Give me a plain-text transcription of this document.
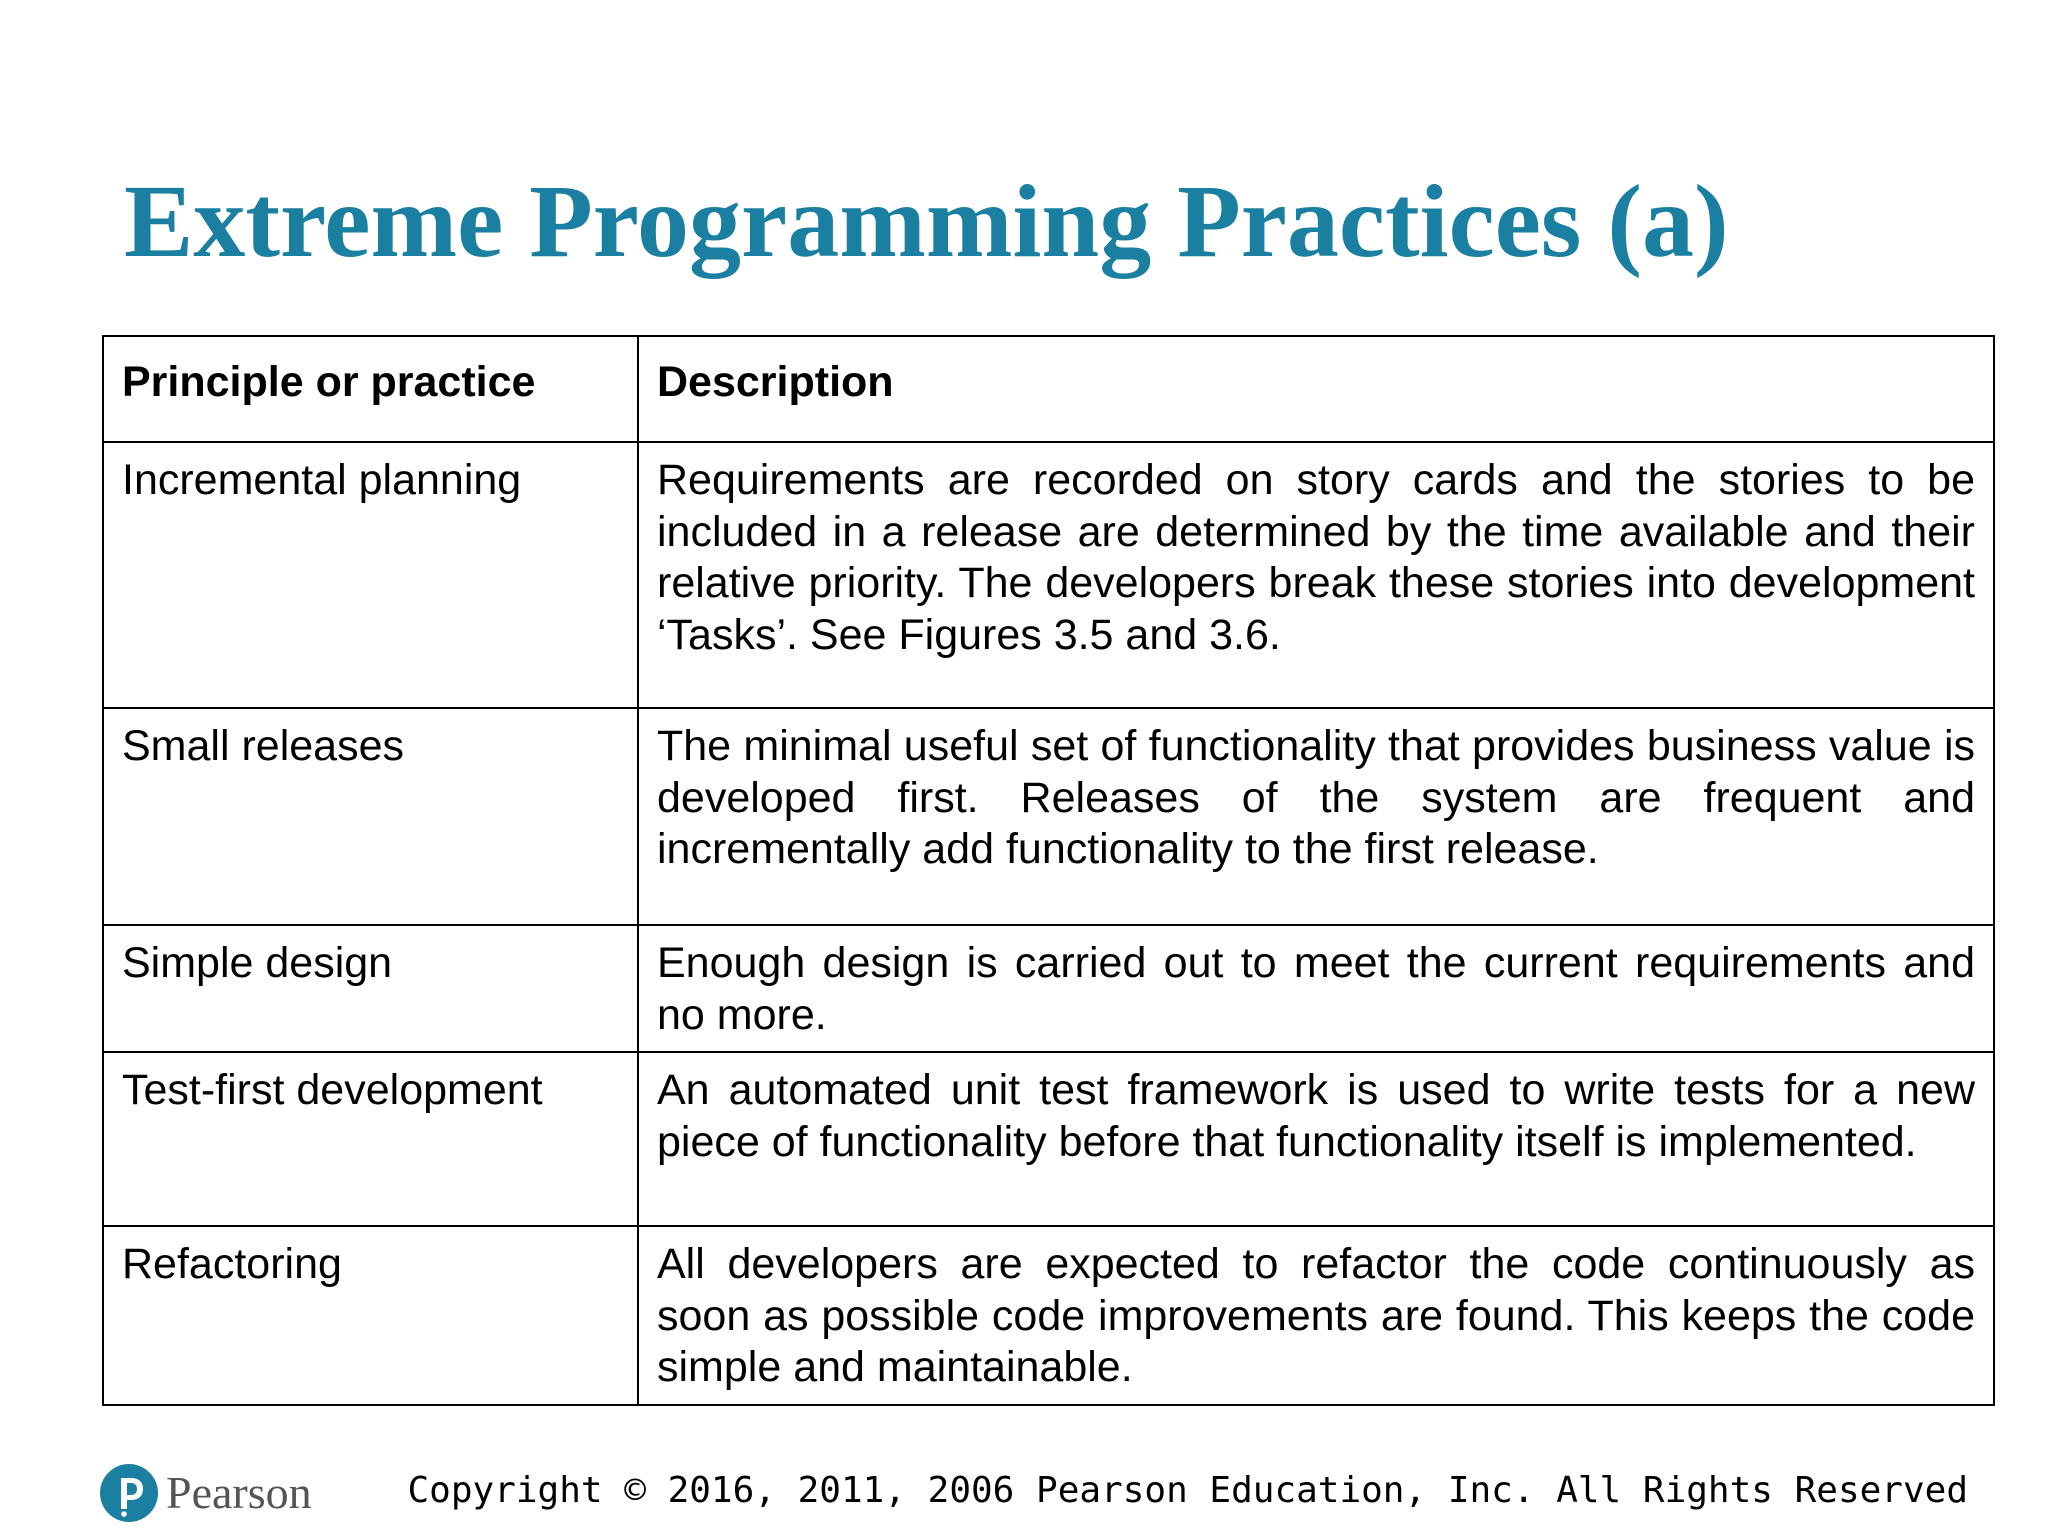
Extreme Programming Practices (a)
Principle or practice	Description
Incremental planning	Requirements are recorded on story cards and the stories to be included in a release are determined by the time available and their relative priority. The developers break these stories into development ‘Tasks’. See Figures 3.5 and 3.6.
Small releases	The minimal useful set of functionality that provides business value is developed first. Releases of the system are frequent and incrementally add functionality to the first release.
Simple design	Enough design is carried out to meet the current requirements and no more.
Test-first development	An automated unit test framework is used to write tests for a new piece of functionality before that functionality itself is implemented.
Refactoring	All developers are expected to refactor the code continuously as soon as possible code improvements are found. This keeps the code simple and maintainable.
Pearson	Copyright © 2016, 2011, 2006 Pearson Education, Inc. All Rights Reserved
